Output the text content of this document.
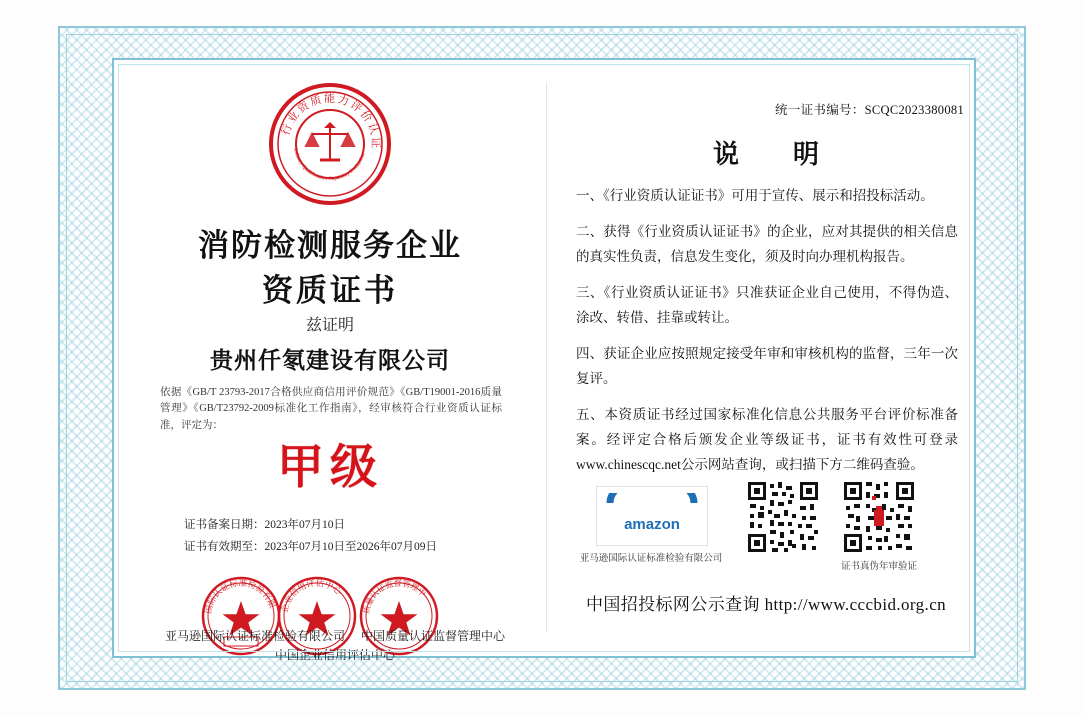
行业资质能力评价认证
Industry Qualification Capability Evaluation
消防检测服务企业
资质证书
兹证明
贵州仟氡建设有限公司
依据《GB/T 23793-2017合格供应商信用评价规范》《GB/T19001-2016质量管理》《GB/T23792-2009标准化工作指南》，经审核符合行业资质认证标准，评定为：
甲级
证书备案日期：2023年07月10日
证书有效期至：2023年07月10日至2026年07月09日
国际认证标准检验有限 企业信用评估中心
质量认证监督管理中
亚马逊国际认证标准检验有限公司 中国质量认证监督管理中心
中国企业信用评估中心
统一证书编号：SCQC2023380081
说　明
一、《行业资质认证证书》可用于宣传、展示和招投标活动。
二、获得《行业资质认证证书》的企业，应对其提供的相关信息的真实性负责，信息发生变化，须及时向办理机构报告。
三、《行业资质认证证书》只准获证企业自己使用，不得伪造、涂改、转借、挂靠或转让。
四、获证企业应按照规定接受年审和审核机构的监督，三年一次复评。
五、本资质证书经过国家标准化信息公共服务平台评价标准备案。经评定合格后颁发企业等级证书，证书有效性可登录www.chinescqc.net公示网站查询，或扫描下方二维码查验。
amazon
亚马逊国际认证标准检验有限公司
证书真伪年审验证
中国招投标网公示查询 http://www.cccbid.org.cn
